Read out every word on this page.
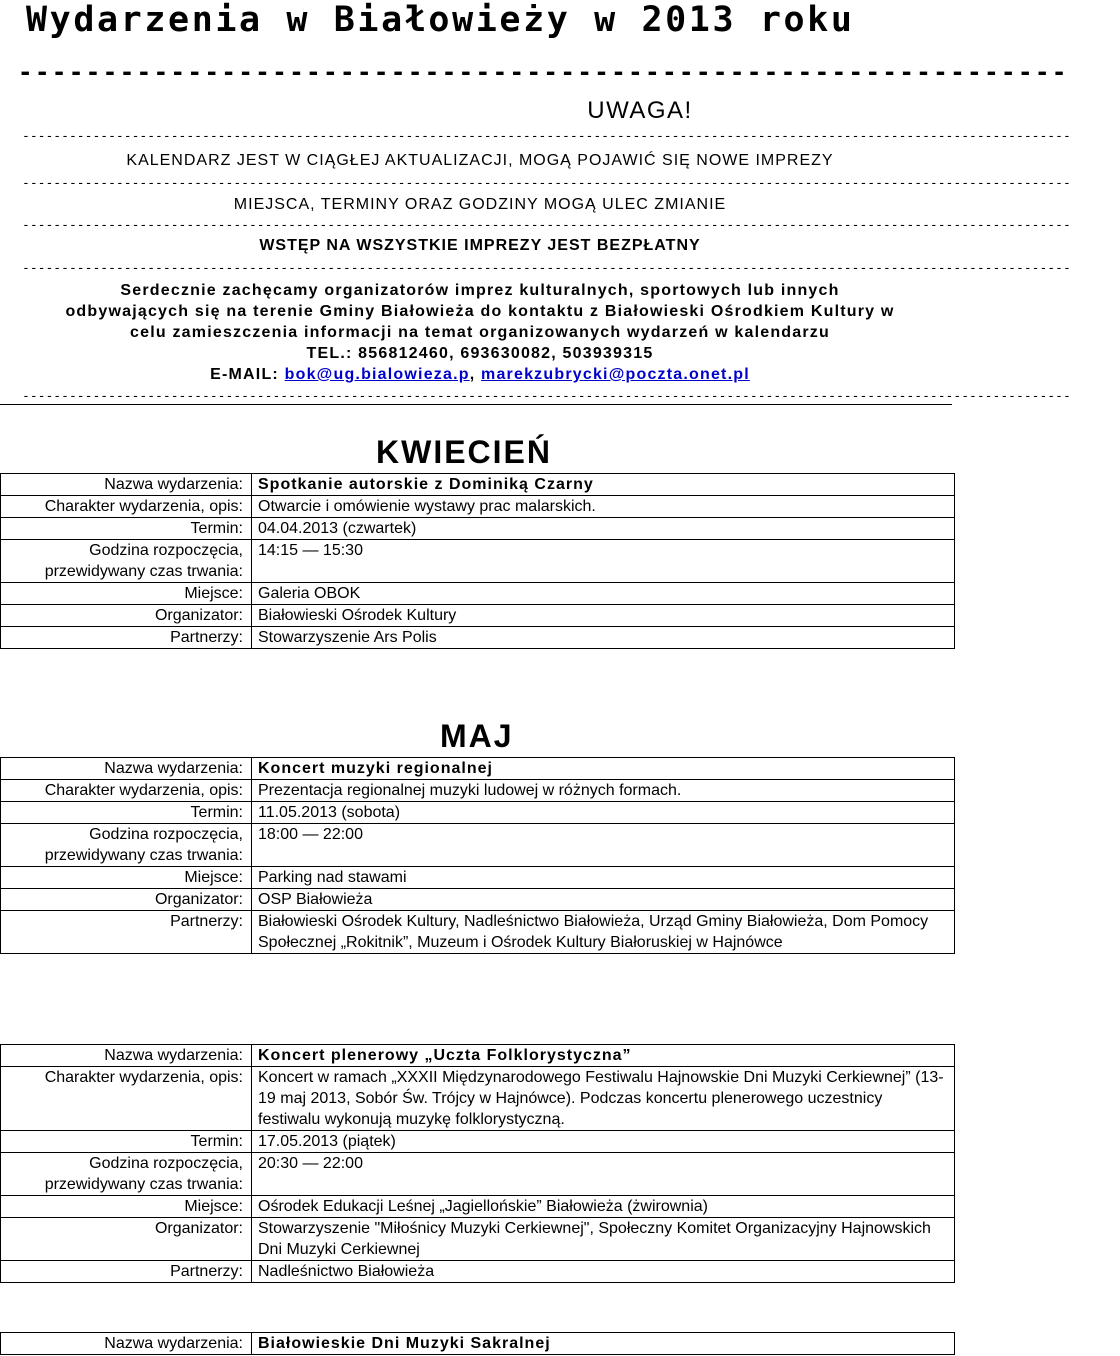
Wydarzenia w Białowieży w 2013 roku
--------------------------------------------------------------
UWAGA!
--------------------------------------------------------------------------------------------------------------------------------------
KALENDARZ JEST W CIĄGŁEJ AKTUALIZACJI, MOGĄ POJAWIĆ SIĘ NOWE IMPREZY
--------------------------------------------------------------------------------------------------------------------------------------
MIEJSCA, TERMINY ORAZ GODZINY MOGĄ ULEC ZMIANIE
--------------------------------------------------------------------------------------------------------------------------------------
WSTĘP NA WSZYSTKIE IMPREZY JEST BEZPŁATNY
--------------------------------------------------------------------------------------------------------------------------------------
Serdecznie zachęcamy organizatorów imprez kulturalnych, sportowych lub innych
odbywających się na terenie Gminy Białowieża do kontaktu z Białowieski Ośrodkiem Kultury w
celu zamieszczenia informacji na temat organizowanych wydarzeń w kalendarzu
TEL.: 856812460, 693630082, 503939315
E-MAIL: bok@ug.bialowieza.p, marekzubrycki@poczta.onet.pl
--------------------------------------------------------------------------------------------------------------------------------------
KWIECIEŃ
Nazwa wydarzenia:	Spotkanie autorskie z Dominiką Czarny
Charakter wydarzenia, opis:	Otwarcie i omówienie wystawy prac malarskich.
Termin:	04.04.2013 (czwartek)
Godzina rozpoczęcia, przewidywany czas trwania:	14:15 — 15:30
Miejsce:	Galeria OBOK
Organizator:	Białowieski Ośrodek Kultury
Partnerzy:	Stowarzyszenie Ars Polis
MAJ
Nazwa wydarzenia:	Koncert muzyki regionalnej
Charakter wydarzenia, opis:	Prezentacja regionalnej muzyki ludowej w różnych formach.
Termin:	11.05.2013 (sobota)
Godzina rozpoczęcia, przewidywany czas trwania:	18:00 — 22:00
Miejsce:	Parking nad stawami
Organizator:	OSP Białowieża
Partnerzy:	Białowieski Ośrodek Kultury, Nadleśnictwo Białowieża, Urząd Gminy Białowieża, Dom Pomocy Społecznej „Rokitnik”, Muzeum i Ośrodek Kultury Białoruskiej w Hajnówce
Nazwa wydarzenia:	Koncert plenerowy „Uczta Folklorystyczna”
Charakter wydarzenia, opis:	Koncert w ramach „XXXII Międzynarodowego Festiwalu Hajnowskie Dni Muzyki Cerkiewnej” (13-19 maj 2013, Sobór Św. Trójcy w Hajnówce). Podczas koncertu plenerowego uczestnicy festiwalu wykonują muzykę folklorystyczną.
Termin:	17.05.2013 (piątek)
Godzina rozpoczęcia, przewidywany czas trwania:	20:30 — 22:00
Miejsce:	Ośrodek Edukacji Leśnej „Jagiellońskie” Białowieża (żwirownia)
Organizator:	Stowarzyszenie "Miłośnicy Muzyki Cerkiewnej", Społeczny Komitet Organizacyjny Hajnowskich Dni Muzyki Cerkiewnej
Partnerzy:	Nadleśnictwo Białowieża
Nazwa wydarzenia:	Białowieskie Dni Muzyki Sakralnej
